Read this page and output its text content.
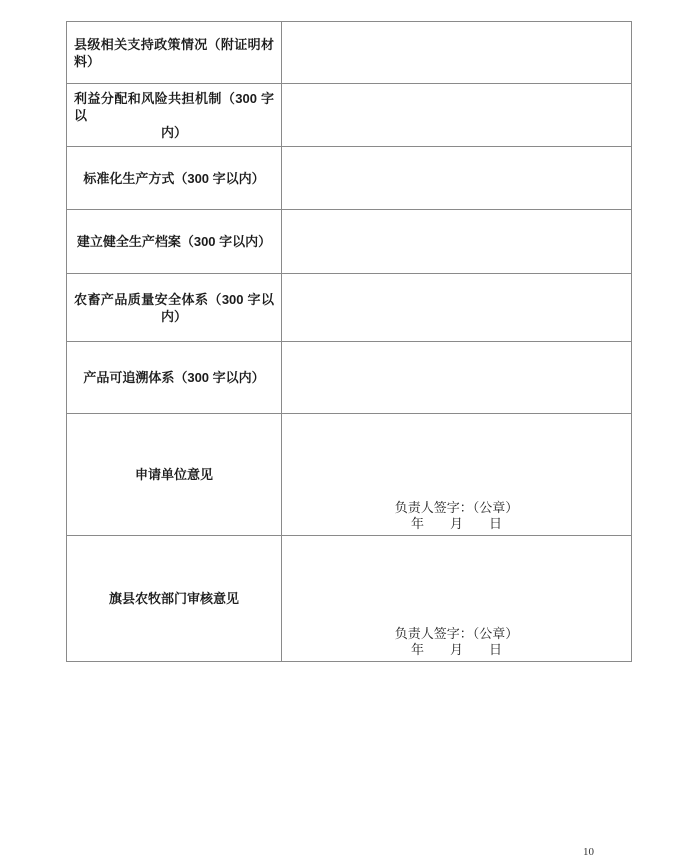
县级相关支持政策情况（附证明材
料）
利益分配和风险共担机制（300 字以
内）
标准化生产方式（300 字以内）
建立健全生产档案（300 字以内）
农畜产品质量安全体系（300 字以
内）
产品可追溯体系（300 字以内）
申请单位意见
负责人签字：（公章）
年　　月　　日
旗县农牧部门审核意见
负责人签字：（公章）
年　　月　　日
10
